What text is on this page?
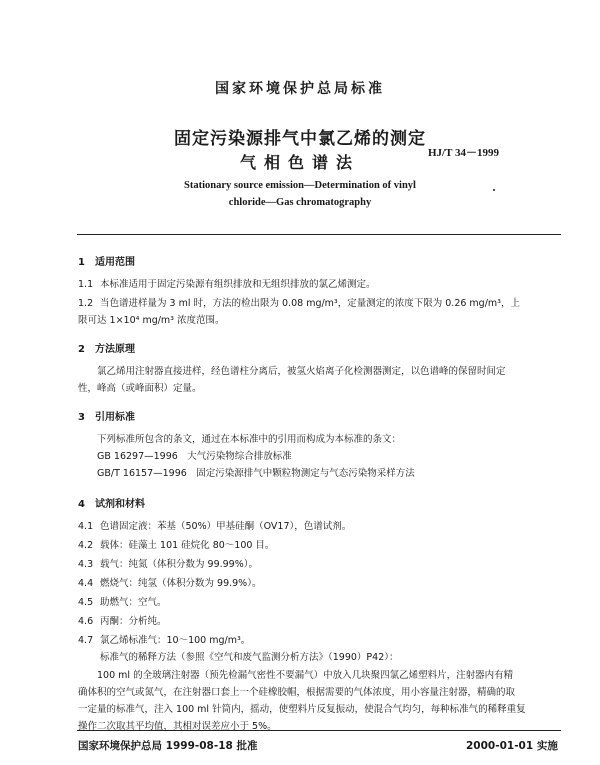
国家环境保护总局标准
固定污染源排气中氯乙烯的测定
气相色谱法	HJ/T 34－1999
Stationary source emission—Determination of vinyl
chloride—Gas chromatography
1　适用范围
1.1 本标准适用于固定污染源有组织排放和无组织排放的氯乙烯测定。
1.2 当色谱进样量为 3 ml 时，方法的检出限为 0.08 mg/m³，定量测定的浓度下限为 0.26 mg/m³，上
限可达 1×10⁴ mg/m³ 浓度范围。
2　方法原理
氯乙烯用注射器直接进样，经色谱柱分离后，被氢火焰离子化检测器测定，以色谱峰的保留时间定
性，峰高（或峰面积）定量。
3　引用标准
下列标准所包含的条文，通过在本标准中的引用而构成为本标准的条文：
GB 16297—1996　大气污染物综合排放标准
GB/T 16157—1996　固定污染源排气中颗粒物测定与气态污染物采样方法
4　试剂和材料
4.1 色谱固定液：苯基（50%）甲基硅酮（OV17），色谱试剂。
4.2 载体：硅藻土 101 硅烷化 80～100 目。
4.3 载气：纯氮（体积分数为 99.99%）。
4.4 燃烧气：纯氢（体积分数为 99.9%）。
4.5 助燃气：空气。
4.6 丙酮：分析纯。
4.7 氯乙烯标准气：10～100 mg/m³。
标准气的稀释方法（参照《空气和废气监测分析方法》（1990）P42）：
100 ml 的全玻璃注射器（预先检漏气密性不要漏气）中放入几块聚四氯乙烯塑料片，注射器内有精
确体积的空气或氮气，在注射器口套上一个硅橡胶帽，根据需要的气体浓度，用小容量注射器，精确的取
一定量的标准气，注入 100 ml 针筒内，摇动，使塑料片反复振动，使混合气均匀，每种标准气的稀释重复
操作二次取其平均值，其相对误差应小于 5%。
国家环境保护总局 1999-08-18 批准	2000-01-01 实施
